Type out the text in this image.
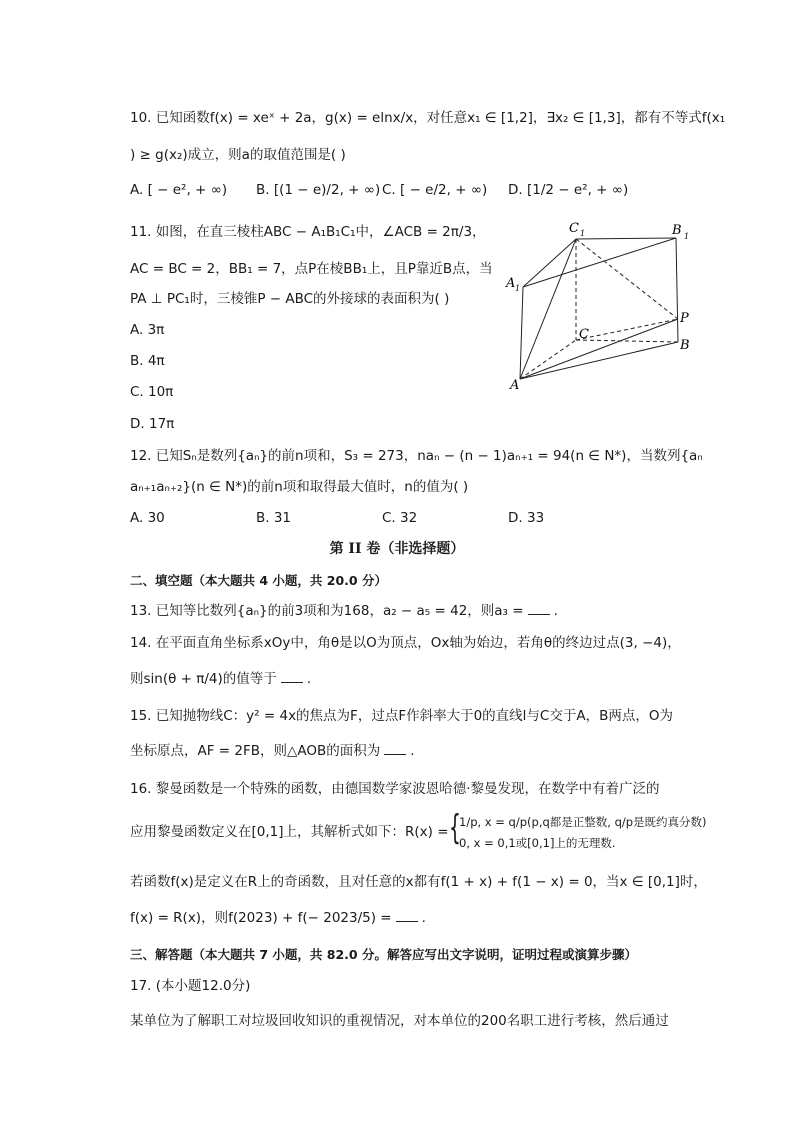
10. 已知函数f(x) = xeˣ + 2a，g(x) = elnx/x，对任意x₁ ∈ [1,2]，∃x₂ ∈ [1,3]，都有不等式f(x₁
) ≥ g(x₂)成立，则a的取值范围是( )
A. [ − e², + ∞) B. [(1 − e)/2, + ∞) C. [ − e/2, + ∞) D. [1/2 − e², + ∞)
11. 如图，在直三棱柱ABC − A₁B₁C₁中，∠ACB = 2π/3，
AC = BC = 2，BB₁ = 7，点P在棱BB₁上，且P靠近B点，当
PA ⊥ PC₁时，三棱锥P − ABC的外接球的表面积为( )
A. 3π
B. 4π
C. 10π
D. 17π
C 1	B 1
A 1
C
P
B
A
12. 已知Sₙ是数列{aₙ}的前n项和，S₃ = 273，naₙ − (n − 1)aₙ₊₁ = 94(n ∈ N*)，当数列{aₙ
aₙ₊₁aₙ₊₂}(n ∈ N*)的前n项和取得最大值时，n的值为( )
A. 30	B. 31	C. 32	D. 33
第 II 卷（非选择题）
二、填空题（本大题共 4 小题，共 20.0 分）
13. 已知等比数列{aₙ}的前3项和为168，a₂ − a₅ = 42，则a₃ = .
14. 在平面直角坐标系xOy中，角θ是以O为顶点，Ox轴为始边，若角θ的终边过点(3, −4)，
则sin(θ + π/4)的值等于 .
15. 已知抛物线C：y² = 4x的焦点为F，过点F作斜率大于0的直线l与C交于A，B两点，O为
坐标原点，AF = 2FB，则△AOB的面积为 .
16. 黎曼函数是一个特殊的函数，由德国数学家波恩哈德·黎曼发现，在数学中有着广泛的
应用黎曼函数定义在[0,1]上，其解析式如下：R(x) = {
1/p, x = q/p(p,q都是正整数, q/p是既约真分数)
0, x = 0,1或[0,1]上的无理数.
若函数f(x)是定义在R上的奇函数，且对任意的x都有f(1 + x) + f(1 − x) = 0，当x ∈ [0,1]时，
f(x) = R(x)，则f(2023) + f(− 2023/5) = .
三、解答题（本大题共 7 小题，共 82.0 分。解答应写出文字说明，证明过程或演算步骤）
17. (本小题12.0分)
某单位为了解职工对垃圾回收知识的重视情况，对本单位的200名职工进行考核，然后通过
